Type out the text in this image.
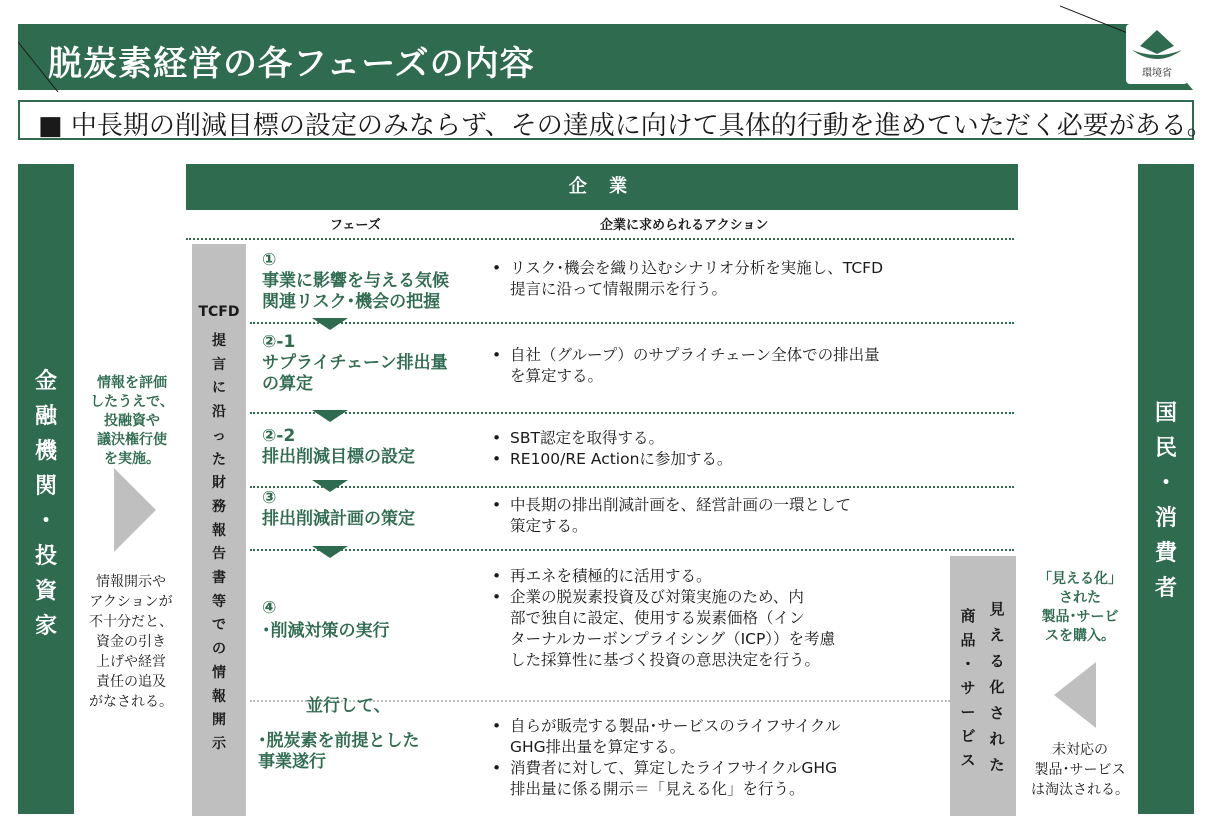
脱炭素経営の各フェーズの内容	環境省
■ 中長期の削減目標の設定のみならず、その達成に向けて具体的行動を進めていただく必要がある。
金
融
機
関
・
投
資
家
情報を評価
したうえで、
投融資や
議決権行使
を実施。
情報開示や
アクションが
不十分だと、
資金の引き
上げや経営
責任の追及
がなされる。
国
民
・
消
費
者
「見える化」
された
製品･サービ
スを購入。
未対応の
製品･サービス
は淘汰される。
企 業
フェーズ	企業に求められるアクション
TCFD
提
言
に
沿
っ
た
財
務
報
告
書
等
で
の
情
報
開
示
商
品
・
サ
ー
ビ
ス
見
え
る
化
さ
れ
た
①
事業に影響を与える気候
関連リスク･機会の把握
• リスク･機会を織り込むシナリオ分析を実施し、TCFD
提言に沿って情報開示を行う。
②-1
サプライチェーン排出量
の算定
• 自社（グループ）のサプライチェーン全体での排出量
を算定する。
②-2
排出削減目標の設定
• SBT認定を取得する。
• RE100/RE Actionに参加する。
③
排出削減計画の策定
• 中長期の排出削減計画を、経営計画の一環として
策定する。
④
･削減対策の実行
• 再エネを積極的に活用する。
• 企業の脱炭素投資及び対策実施のため、内
部で独自に設定、使用する炭素価格（イン
ターナルカーボンプライシング（ICP））を考慮
した採算性に基づく投資の意思決定を行う。
並行して、
･脱炭素を前提とした
事業遂行
• 自らが販売する製品･サービスのライフサイクル
GHG排出量を算定する。
• 消費者に対して、算定したライフサイクルGHG
排出量に係る開示＝「見える化」を行う。
